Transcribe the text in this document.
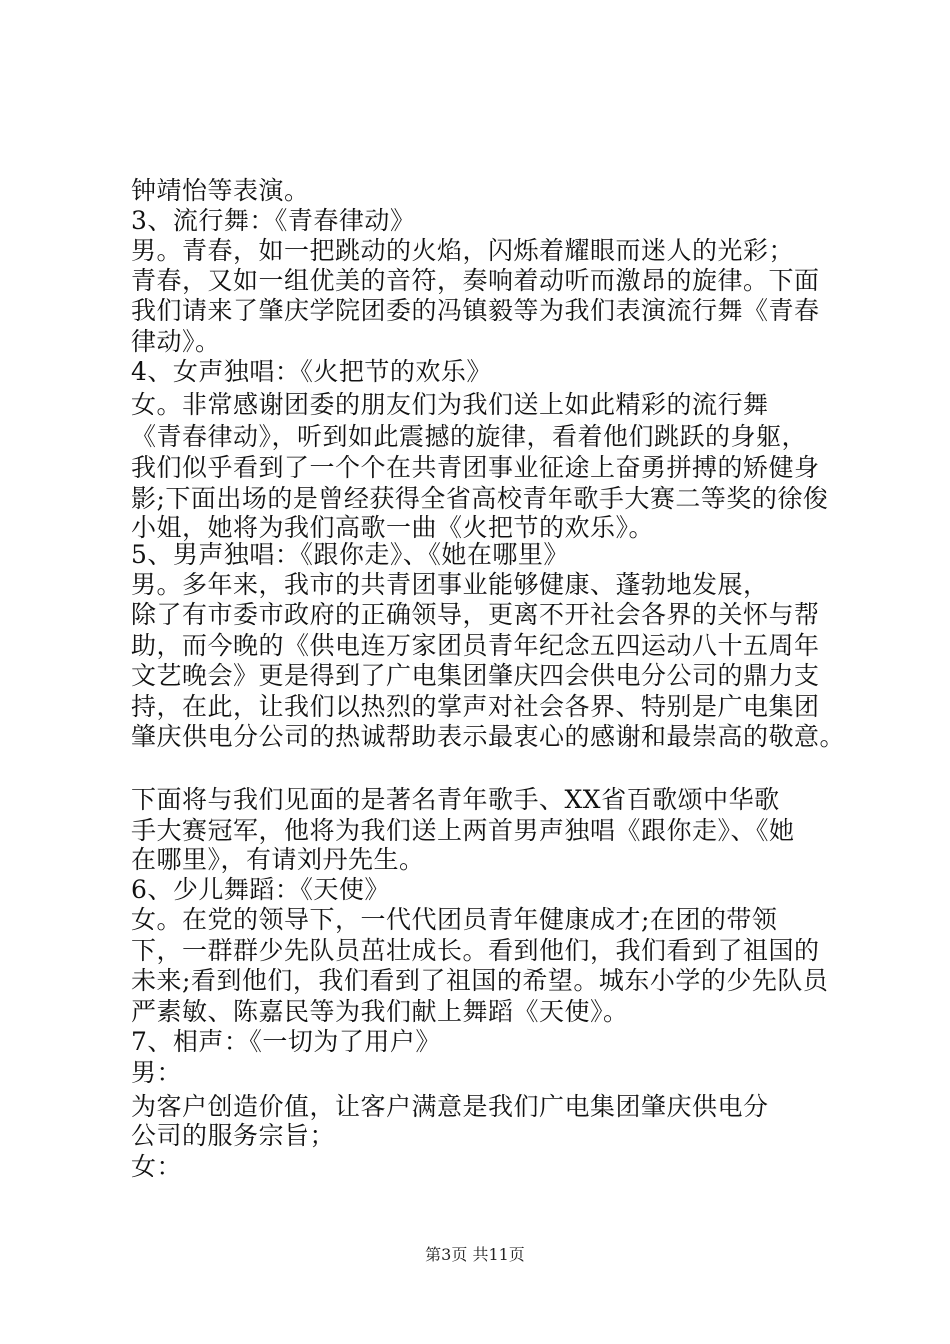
钟靖怡等表演。
3、流行舞：《青春律动》
男。青春，如一把跳动的火焰，闪烁着耀眼而迷人的光彩；
青春，又如一组优美的音符，奏响着动听而激昂的旋律。下面
我们请来了肇庆学院团委的冯镇毅等为我们表演流行舞《青春
律动》。
4、女声独唱：《火把节的欢乐》
女。非常感谢团委的朋友们为我们送上如此精彩的流行舞
《青春律动》，听到如此震撼的旋律，看着他们跳跃的身躯，
我们似乎看到了一个个在共青团事业征途上奋勇拼搏的矫健身
影;下面出场的是曾经获得全省高校青年歌手大赛二等奖的徐俊
小姐，她将为我们高歌一曲《火把节的欢乐》。
5、男声独唱：《跟你走》、《她在哪里》
男。多年来，我市的共青团事业能够健康、蓬勃地发展，
除了有市委市政府的正确领导，更离不开社会各界的关怀与帮
助，而今晚的《供电连万家团员青年纪念五四运动八十五周年
文艺晚会》更是得到了广电集团肇庆四会供电分公司的鼎力支
持，在此，让我们以热烈的掌声对社会各界、特别是广电集团
肇庆供电分公司的热诚帮助表示最衷心的感谢和最崇高的敬意。
下面将与我们见面的是著名青年歌手、XX省百歌颂中华歌
手大赛冠军，他将为我们送上两首男声独唱《跟你走》、《她
在哪里》，有请刘丹先生。
6、少儿舞蹈：《天使》
女。在党的领导下，一代代团员青年健康成才;在团的带领
下，一群群少先队员茁壮成长。看到他们，我们看到了祖国的
未来;看到他们，我们看到了祖国的希望。城东小学的少先队员
严素敏、陈嘉民等为我们献上舞蹈《天使》。
7、相声：《一切为了用户》
男：
为客户创造价值，让客户满意是我们广电集团肇庆供电分
公司的服务宗旨；
女：
第3页 共11页
